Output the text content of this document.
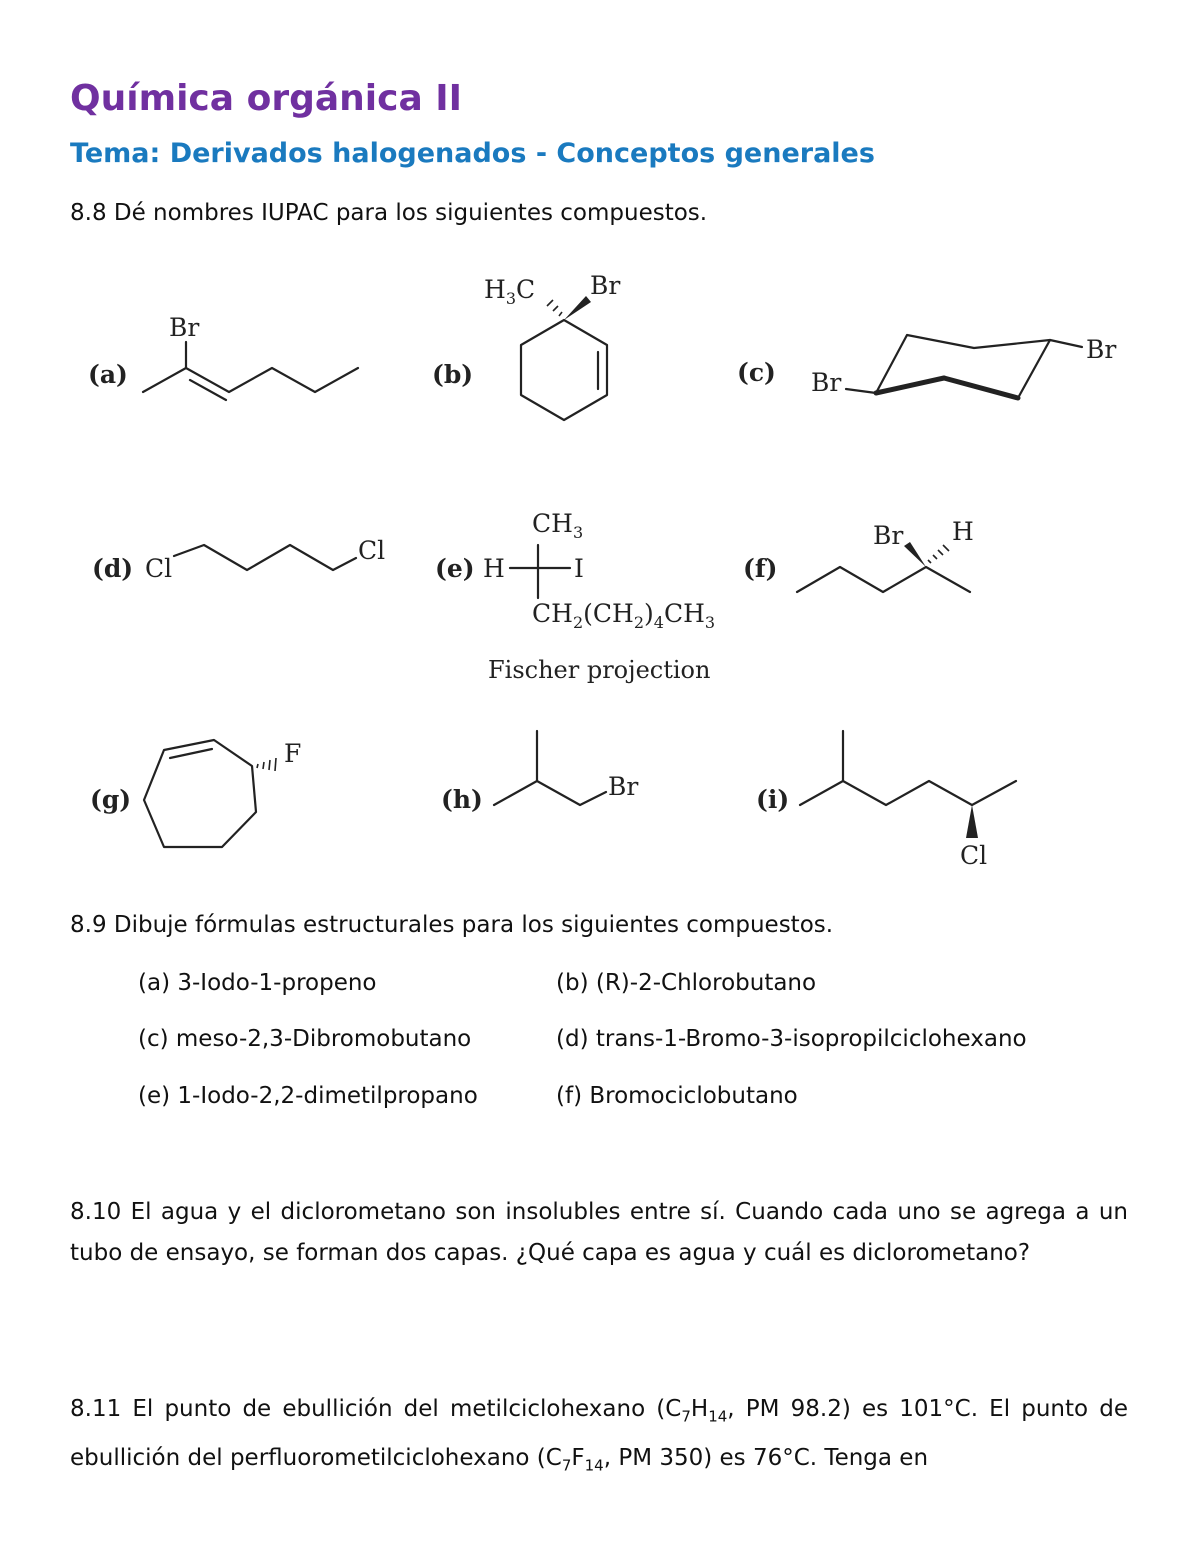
Química orgánica II
Tema: Derivados halogenados - Conceptos generales
8.8 Dé nombres IUPAC para los siguientes compuestos.
(a)
Br
(b)
$H_3C$ Br
(c)
Br
Br
(d) Cl
Cl
(e) H	I
$CH_3$
$CH_2(CH_2)_4CH_3$
(f)
Br H
(g)
F
(h)	Br	(i)
Cl
Fischer projection
8.9 Dibuje fórmulas estructurales para los siguientes compuestos.
(a) 3-Iodo-1-propeno	(b) (R)-2-Chlorobutano
(c) meso-2,3-Dibromobutano	(d) trans-1-Bromo-3-isopropilciclohexano
(e) 1-Iodo-2,2-dimetilpropano	(f) Bromociclobutano

8.10 El agua y el diclorometano son insolubles entre sí. Cuando cada uno se agrega a un tubo de ensayo, se forman dos capas. ¿Qué capa es agua y cuál es diclorometano?

8.11 El punto de ebullición del metilciclohexano ($C_7H_{14}$, PM 98.2) es 101°C. El punto de ebullición del perfluorometilciclohexano ($C_7F_{14}$, PM 350) es 76°C. Tenga en
